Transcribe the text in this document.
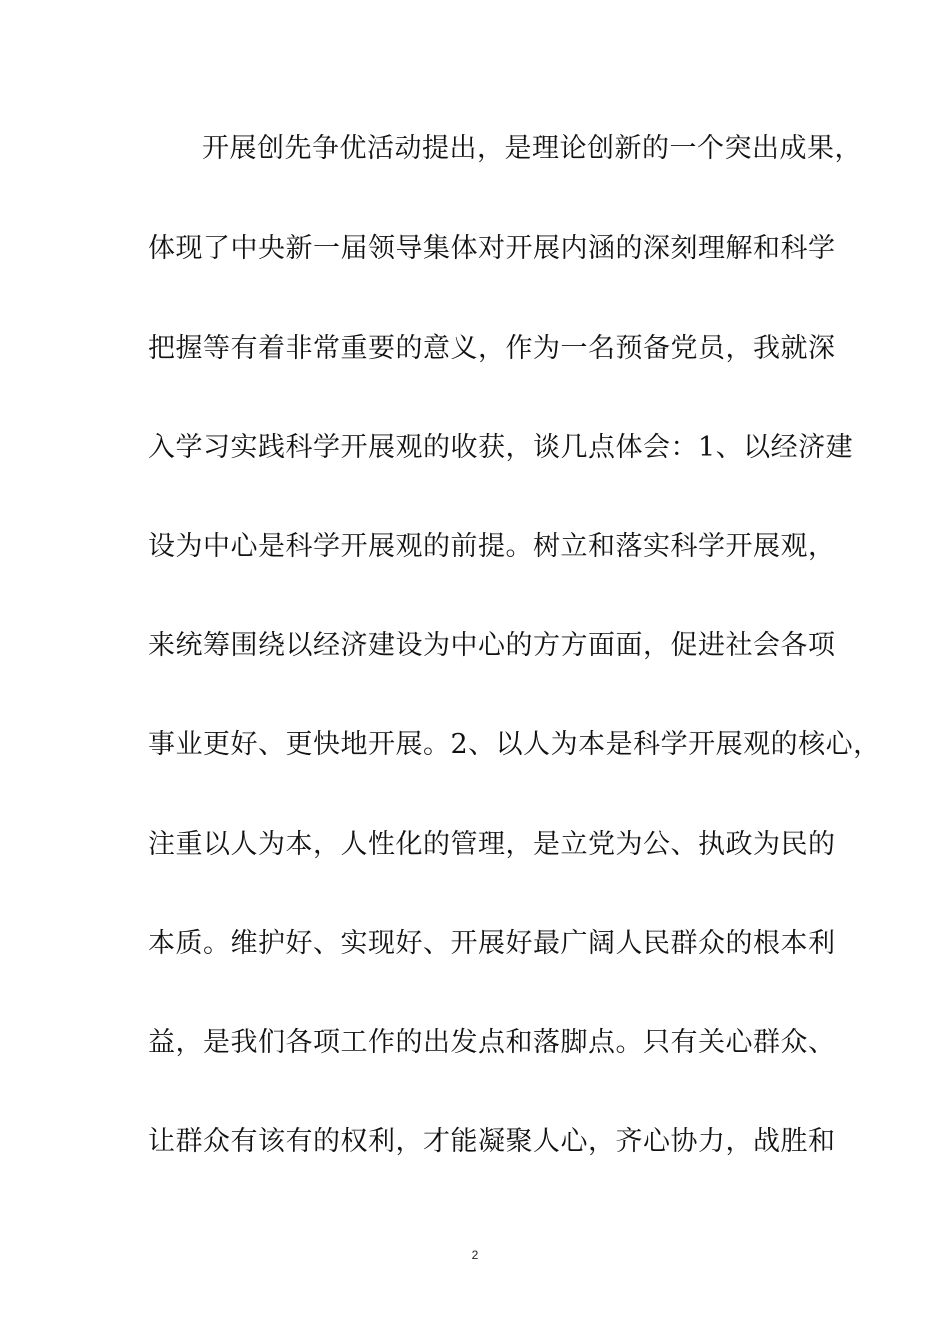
开展创先争优活动提出，是理论创新的一个突出成果，
体现了中央新一届领导集体对开展内涵的深刻理解和科学
把握等有着非常重要的意义，作为一名预备党员，我就深
入学习实践科学开展观的收获，谈几点体会：1、以经济建
设为中心是科学开展观的前提。树立和落实科学开展观，
来统筹围绕以经济建设为中心的方方面面，促进社会各项
事业更好、更快地开展。2、以人为本是科学开展观的核心，
注重以人为本，人性化的管理，是立党为公、执政为民的
本质。维护好、实现好、开展好最广阔人民群众的根本利
益，是我们各项工作的出发点和落脚点。只有关心群众、
让群众有该有的权利，才能凝聚人心，齐心协力，战胜和
2
